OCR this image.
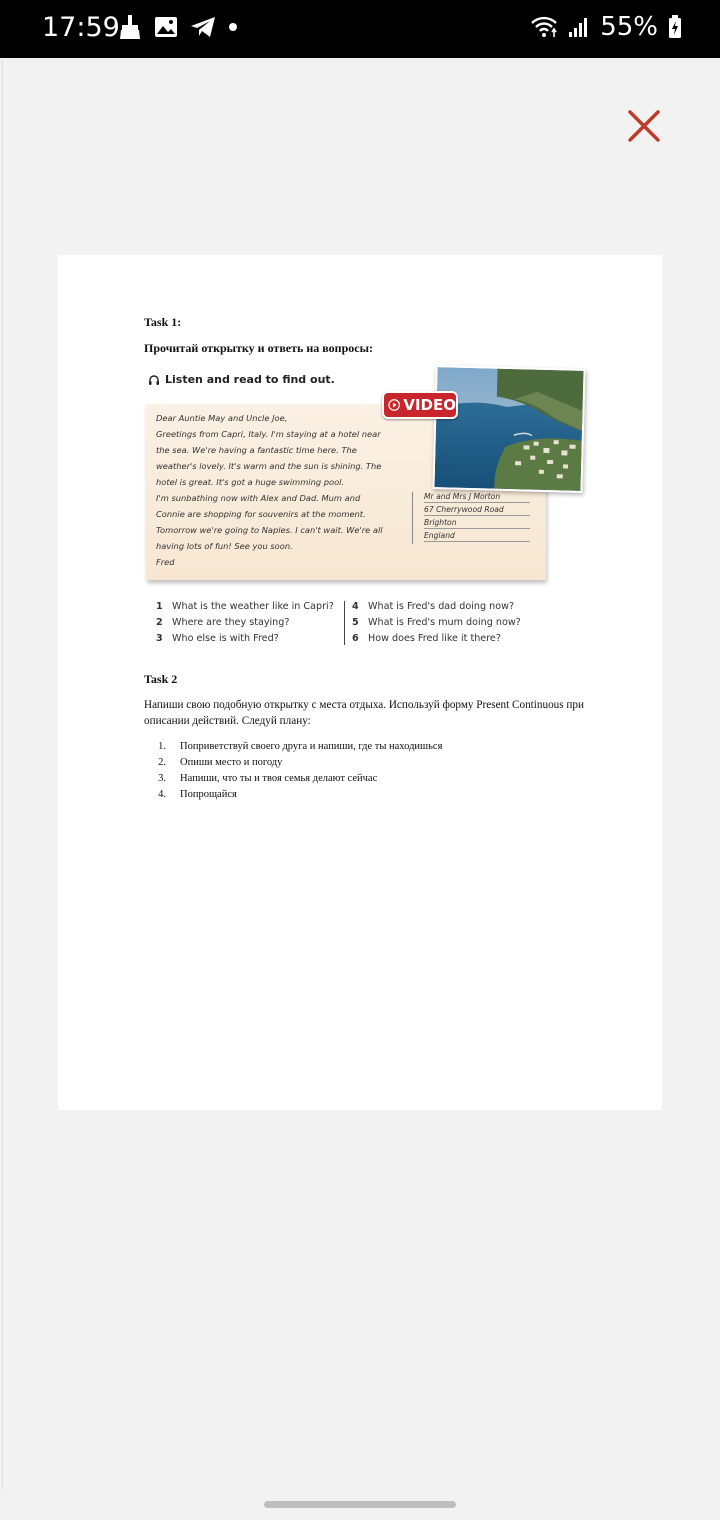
17:59	55%
Task 1:
Прочитай открытку и ответь на вопросы:
Listen and read to find out.
Dear Auntie May and Uncle Joe,
Greetings from Capri, Italy. I'm staying at a hotel near
the sea. We're having a fantastic time here. The
weather's lovely. It's warm and the sun is shining. The
hotel is great. It's got a huge swimming pool.
I'm sunbathing now with Alex and Dad. Mum and
Connie are shopping for souvenirs at the moment.
Tomorrow we're going to Naples. I can't wait. We're all
having lots of fun! See you soon.
Fred
Mr and Mrs J Morton
67 Cherrywood Road
Brighton
England
VIDEO
1 What is the weather like in Capri?
2 Where are they staying?
3 Who else is with Fred?
4 What is Fred's dad doing now?
5 What is Fred's mum doing now?
6 How does Fred like it there?
Task 2
Напиши свою подобную открытку с места отдыха. Используй форму Present Continuous при описании действий. Следуй плану:
1.	Поприветствуй своего друга и напиши, где ты находишься
2.	Опиши место и погоду
3.	Напиши, что ты и твоя семья делают сейчас
4.	Попрощайся
